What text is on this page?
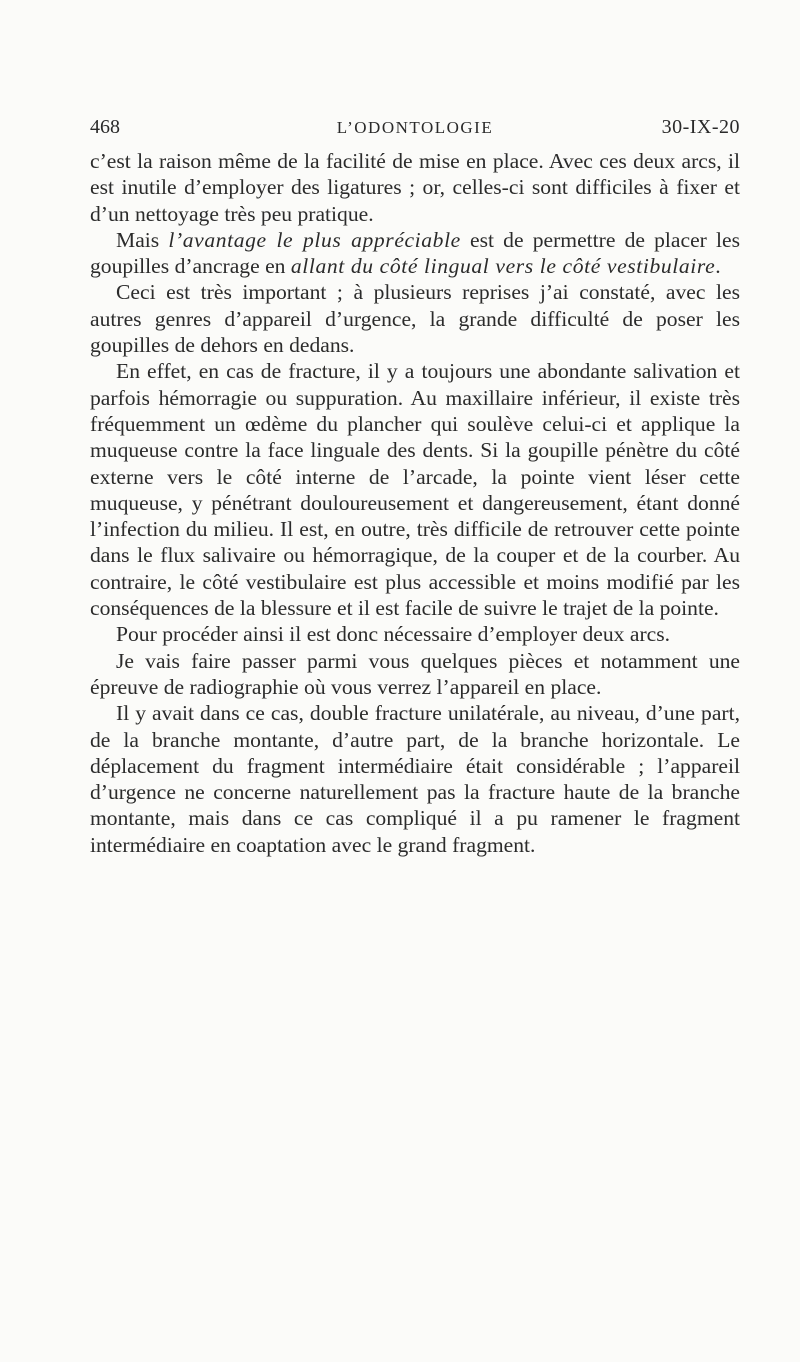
468	L’ODONTOLOGIE	30-IX-20

c’est la raison même de la facilité de mise en place. Avec ces deux arcs, il est inutile d’employer des ligatures ; or, celles-ci sont difficiles à fixer et d’un nettoyage très peu pratique.

Mais l’avantage le plus appréciable est de permettre de placer les goupilles d’ancrage en allant du côté lingual vers le côté vestibulaire.

Ceci est très important ; à plusieurs reprises j’ai constaté, avec les autres genres d’appareil d’urgence, la grande difficulté de poser les goupilles de dehors en dedans.

En effet, en cas de fracture, il y a toujours une abondante salivation et parfois hémorragie ou suppuration. Au maxillaire inférieur, il existe très fréquemment un œdème du plancher qui soulève celui-ci et applique la muqueuse contre la face linguale des dents. Si la goupille pénètre du côté externe vers le côté interne de l’arcade, la pointe vient léser cette muqueuse, y pénétrant douloureusement et dangereusement, étant donné l’infection du milieu. Il est, en outre, très difficile de retrouver cette pointe dans le flux salivaire ou hémorragique, de la couper et de la courber. Au contraire, le côté vestibulaire est plus accessible et moins modifié par les conséquences de la blessure et il est facile de suivre le trajet de la pointe.

Pour procéder ainsi il est donc nécessaire d’employer deux arcs.

Je vais faire passer parmi vous quelques pièces et notamment une épreuve de radiographie où vous verrez l’appareil en place.

Il y avait dans ce cas, double fracture unilatérale, au niveau, d’une part, de la branche montante, d’autre part, de la branche horizontale. Le déplacement du fragment intermédiaire était considérable ; l’appareil d’urgence ne concerne naturellement pas la fracture haute de la branche montante, mais dans ce cas compliqué il a pu ramener le fragment intermédiaire en coaptation avec le grand fragment.
